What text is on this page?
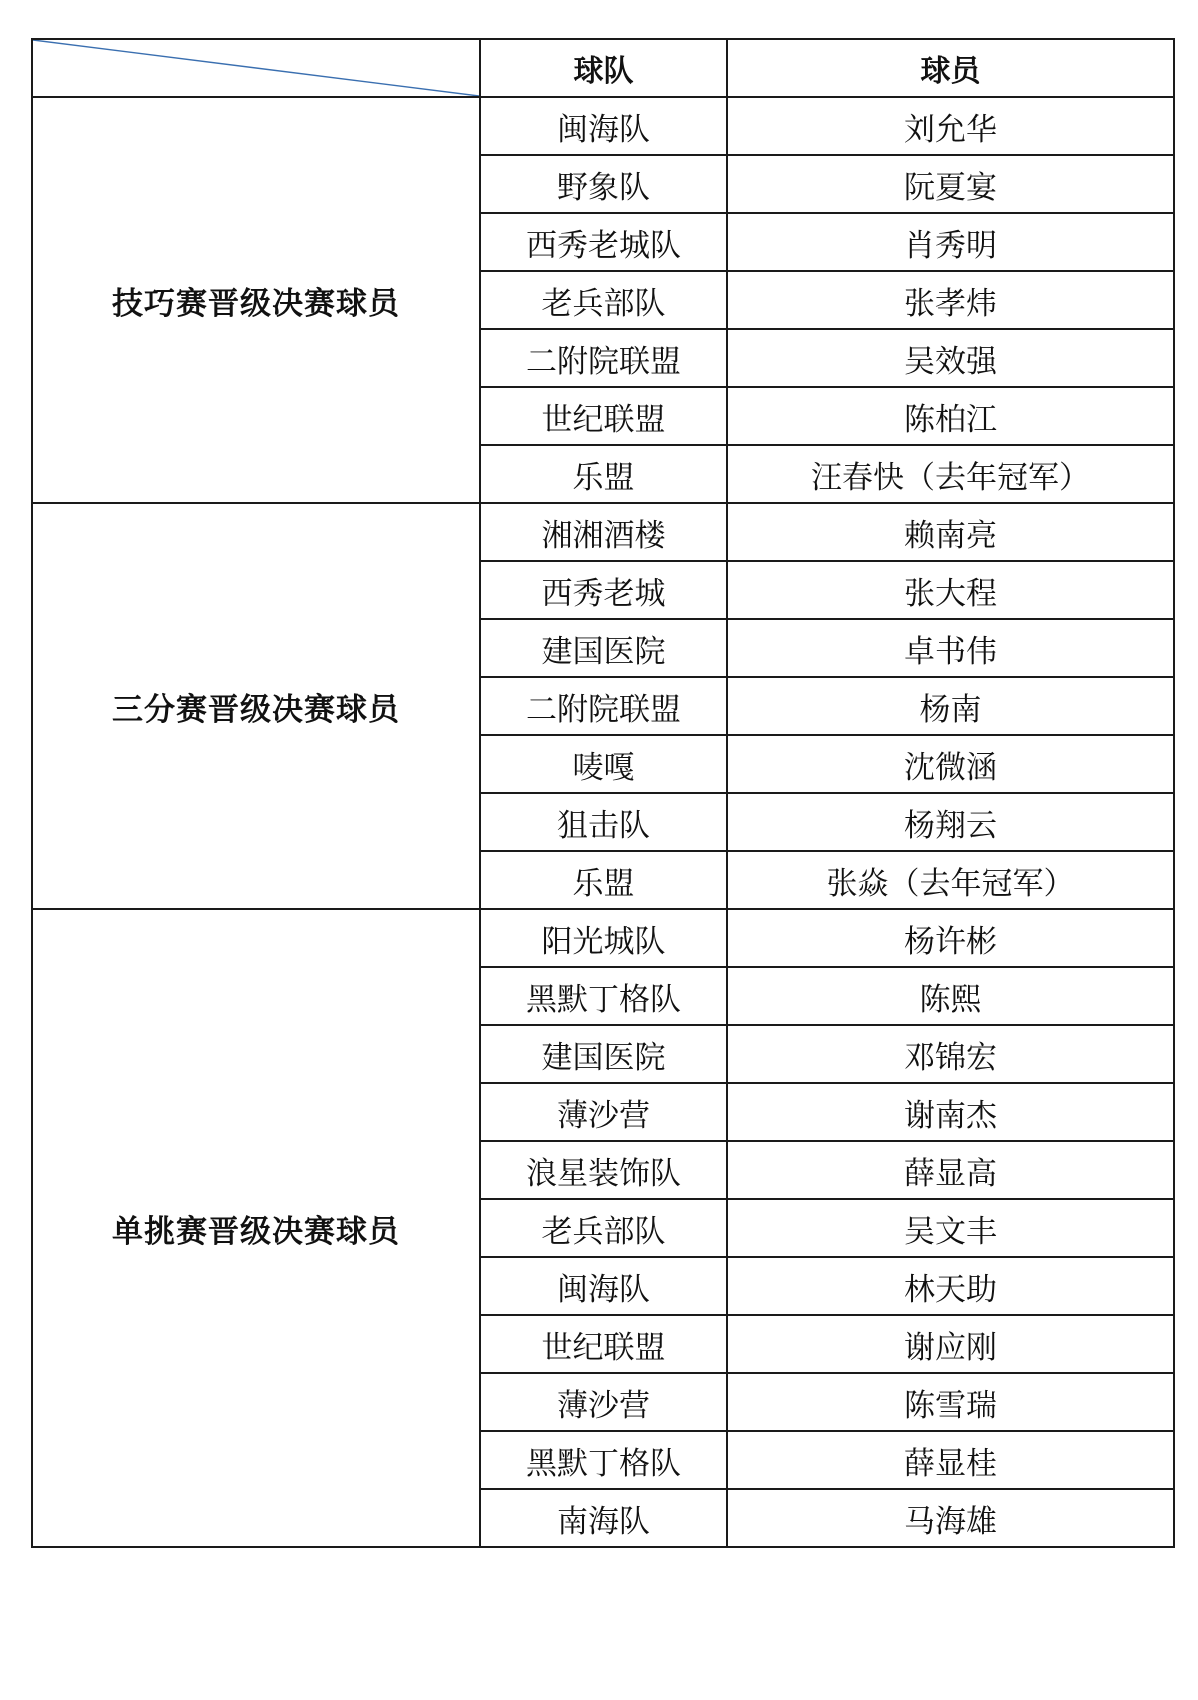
	球队	球员
技巧赛晋级决赛球员	闽海队	刘允华
	野象队	阮夏宴
	西秀老城队	肖秀明
	老兵部队	张孝炜
	二附院联盟	吴效强
	世纪联盟	陈柏江
	乐盟	汪春快（去年冠军）
三分赛晋级决赛球员	湘湘酒楼	赖南亮
	西秀老城	张大程
	建国医院	卓书伟
	二附院联盟	杨南
	唛嘎	沈微涵
	狙击队	杨翔云
	乐盟	张焱（去年冠军）
单挑赛晋级决赛球员	阳光城队	杨许彬
	黑默丁格队	陈熙
	建国医院	邓锦宏
	薄沙营	谢南杰
	浪星装饰队	薛显高
	老兵部队	吴文丰
	闽海队	林天助
	世纪联盟	谢应刚
	薄沙营	陈雪瑞
	黑默丁格队	薛显桂
	南海队	马海雄
